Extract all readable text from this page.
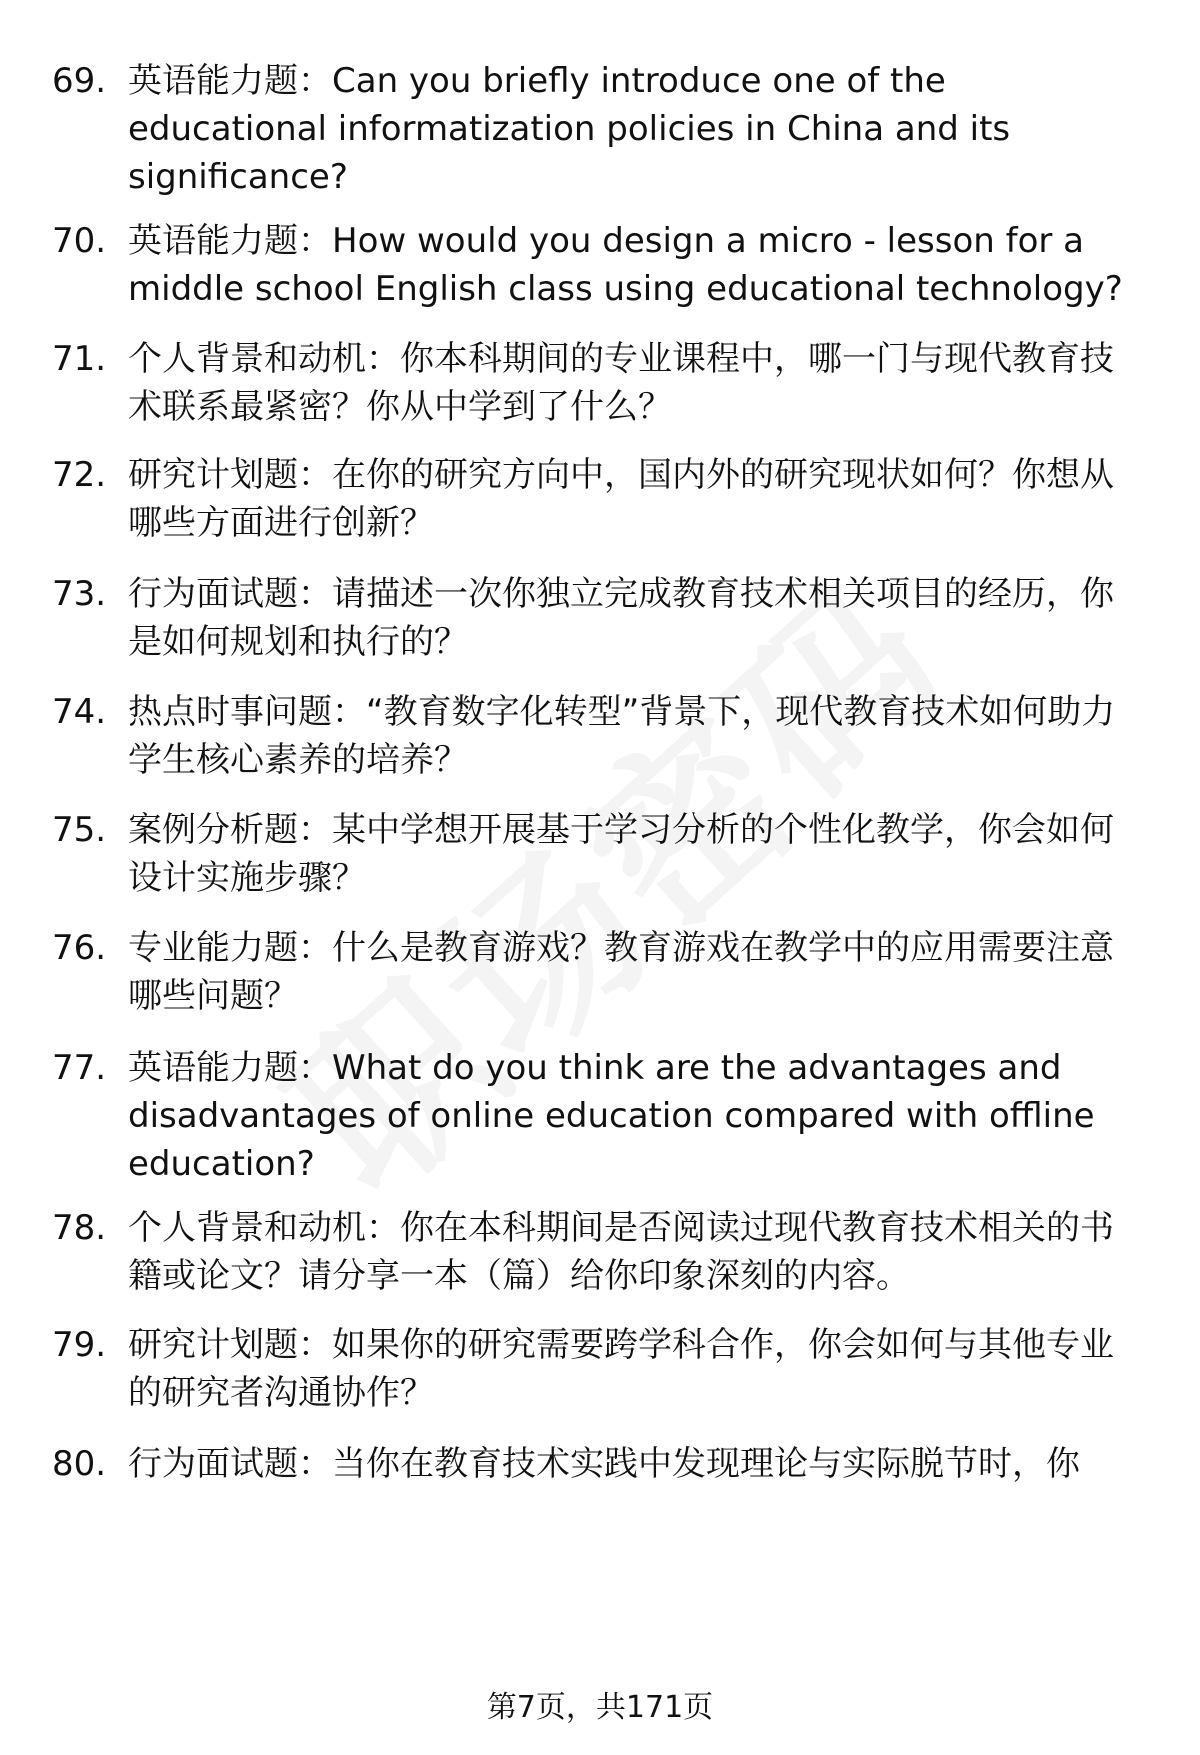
69. 英语能力题：Can you briefly introduce one of the educational informatization policies in China and its significance?
70. 英语能力题：How would you design a micro - lesson for a middle school English class using educational technology?
71. 个人背景和动机：你本科期间的专业课程中，哪一门与现代教育技术联系最紧密？你从中学到了什么？
72. 研究计划题：在你的研究方向中，国内外的研究现状如何？你想从哪些方面进行创新？
73. 行为面试题：请描述一次你独立完成教育技术相关项目的经历，你是如何规划和执行的？
74. 热点时事问题：“教育数字化转型”背景下，现代教育技术如何助力学生核心素养的培养？
75. 案例分析题：某中学想开展基于学习分析的个性化教学，你会如何设计实施步骤？
76. 专业能力题：什么是教育游戏？教育游戏在教学中的应用需要注意哪些问题？
77. 英语能力题：What do you think are the advantages and disadvantages of online education compared with offline education?
78. 个人背景和动机：你在本科期间是否阅读过现代教育技术相关的书籍或论文？请分享一本（篇）给你印象深刻的内容。
79. 研究计划题：如果你的研究需要跨学科合作，你会如何与其他专业的研究者沟通协作？
80. 行为面试题：当你在教育技术实践中发现理论与实际脱节时，你
第7页，共171页
